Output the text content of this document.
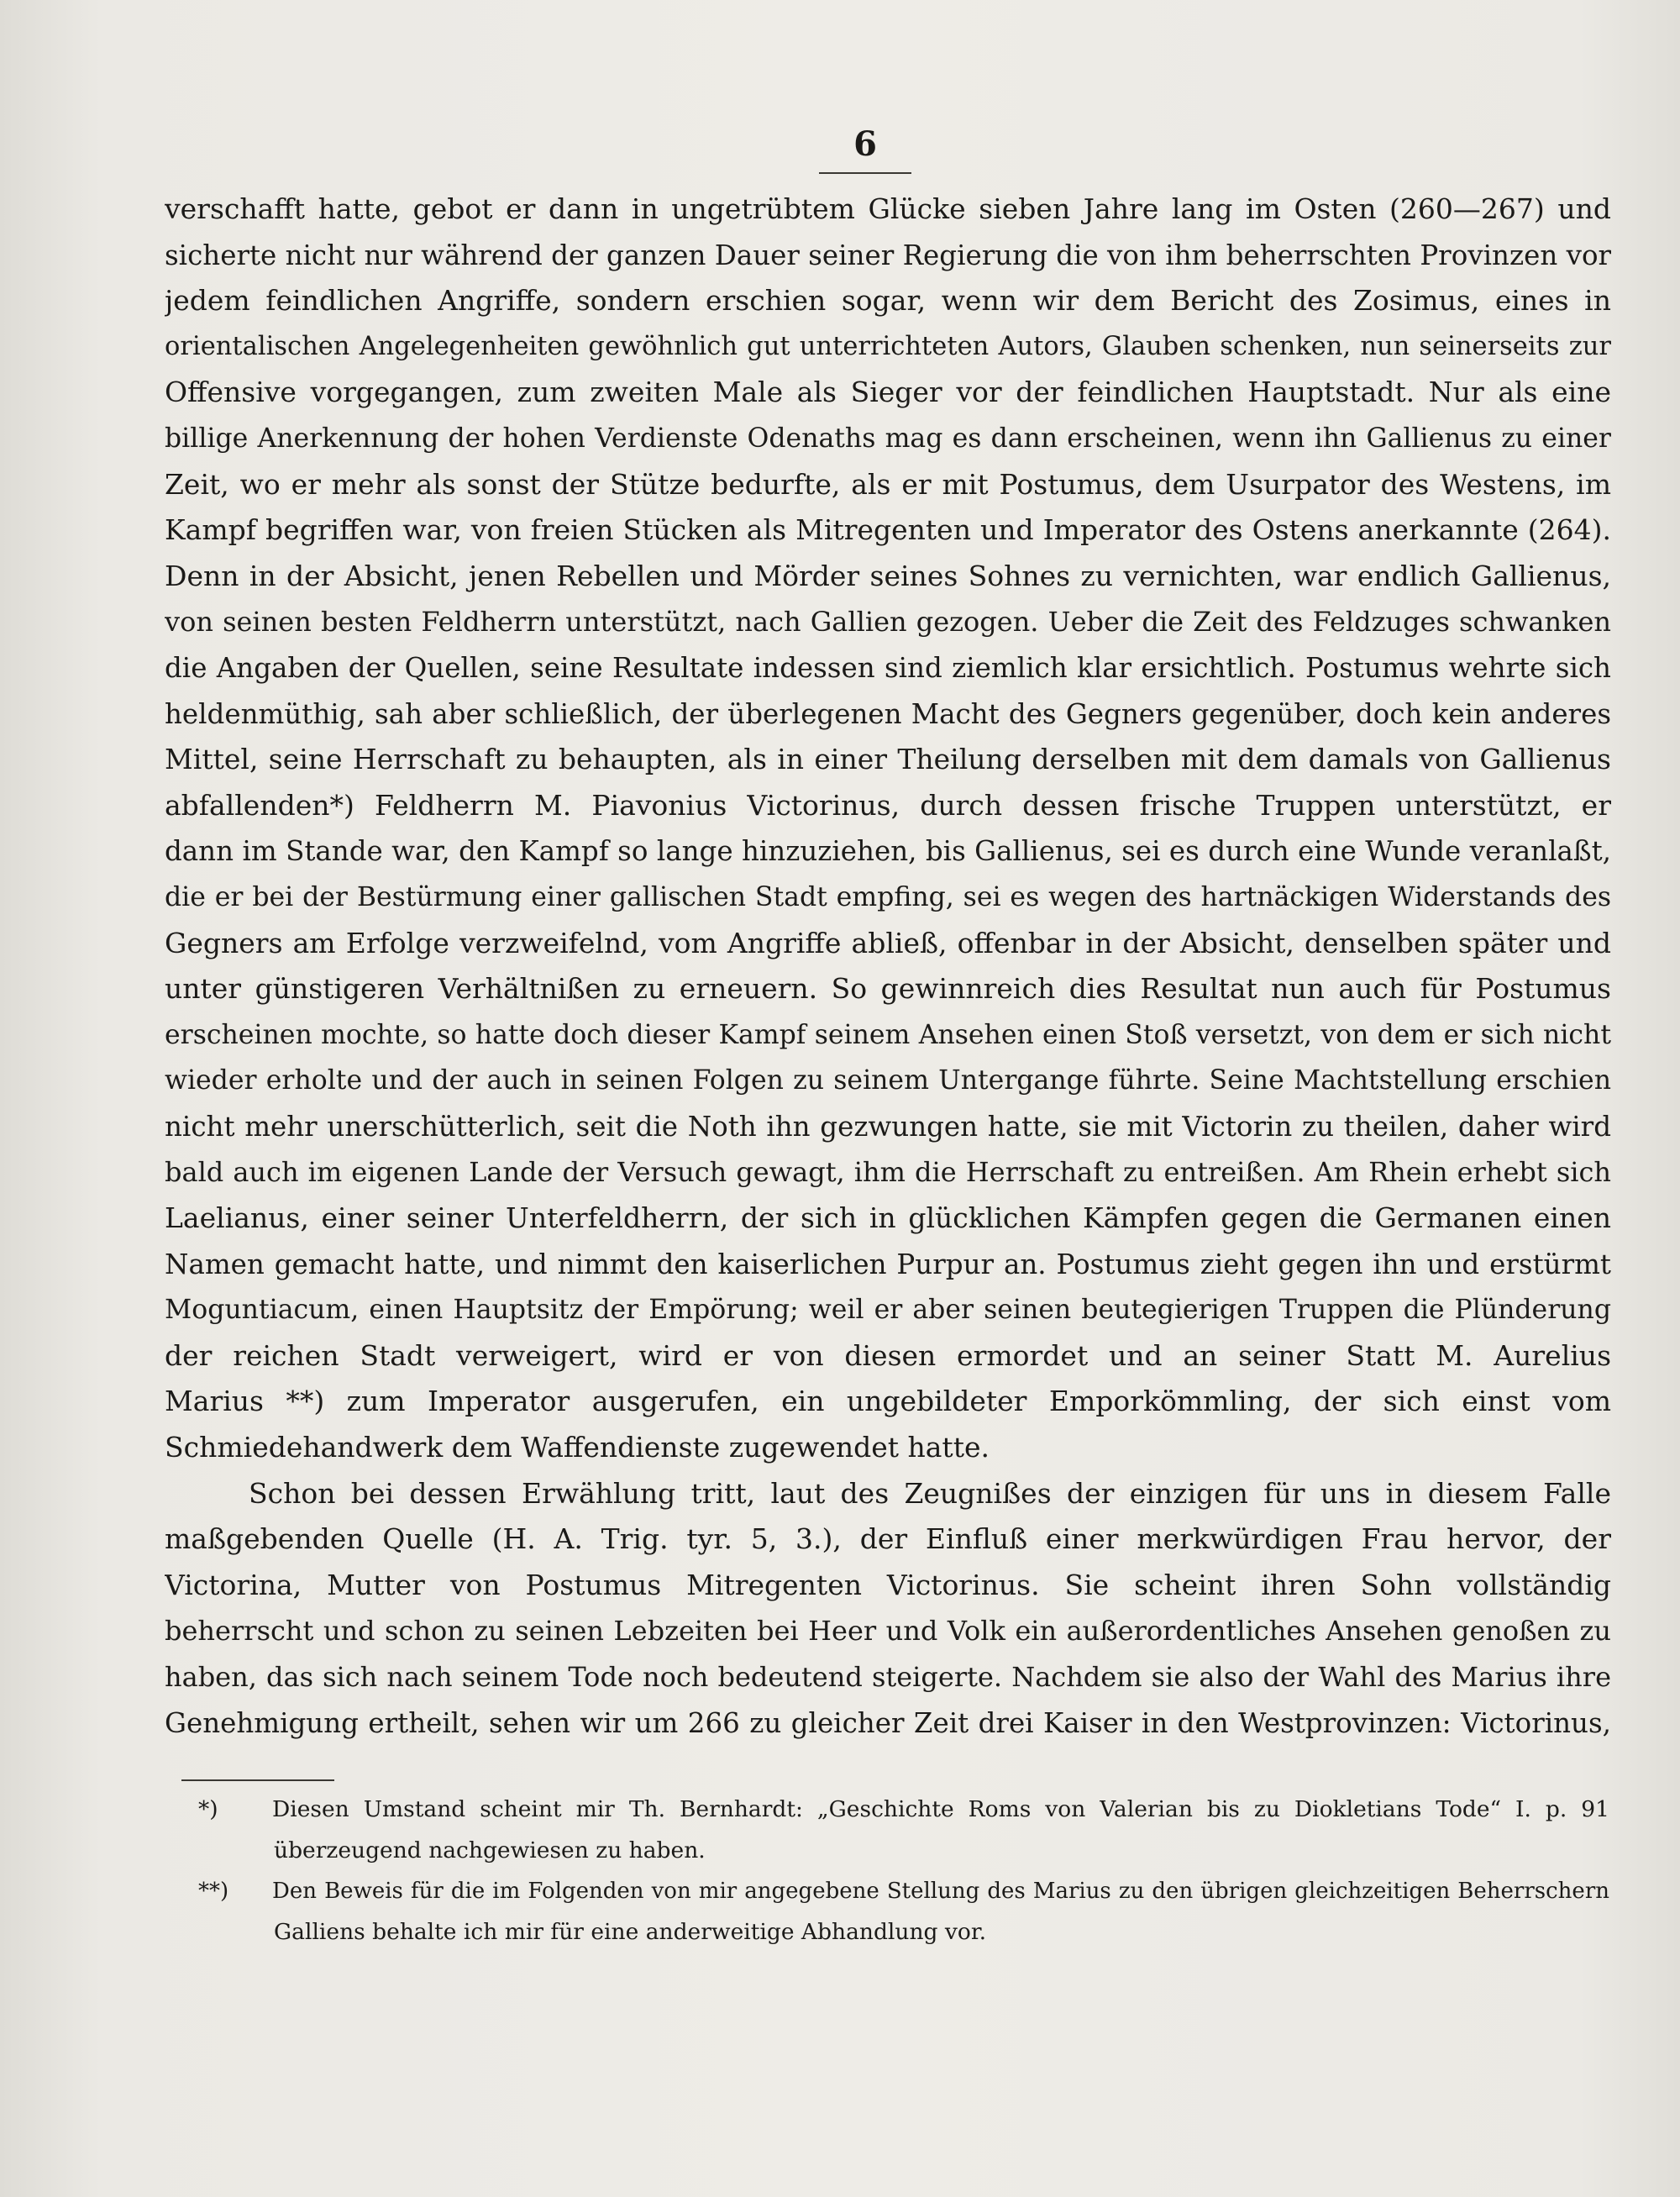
6
verschafft hatte, gebot er dann in ungetrübtem Glücke sieben Jahre lang im Osten (260—267) und
sicherte nicht nur während der ganzen Dauer seiner Regierung die von ihm beherrschten Provinzen vor
jedem feindlichen Angriffe, sondern erschien sogar, wenn wir dem Bericht des Zosimus, eines in
orientalischen Angelegenheiten gewöhnlich gut unterrichteten Autors, Glauben schenken, nun seinerseits zur
Offensive vorgegangen, zum zweiten Male als Sieger vor der feindlichen Hauptstadt. Nur als eine
billige Anerkennung der hohen Verdienste Odenaths mag es dann erscheinen, wenn ihn Gallienus zu einer
Zeit, wo er mehr als sonst der Stütze bedurfte, als er mit Postumus, dem Usurpator des Westens, im
Kampf begriffen war, von freien Stücken als Mitregenten und Imperator des Ostens anerkannte (264).
Denn in der Absicht, jenen Rebellen und Mörder seines Sohnes zu vernichten, war endlich Gallienus,
von seinen besten Feldherrn unterstützt, nach Gallien gezogen. Ueber die Zeit des Feldzuges schwanken
die Angaben der Quellen, seine Resultate indessen sind ziemlich klar ersichtlich. Postumus wehrte sich
heldenmüthig, sah aber schließlich, der überlegenen Macht des Gegners gegenüber, doch kein anderes
Mittel, seine Herrschaft zu behaupten, als in einer Theilung derselben mit dem damals von Gallienus
abfallenden*) Feldherrn M. Piavonius Victorinus, durch dessen frische Truppen unterstützt, er
dann im Stande war, den Kampf so lange hinzuziehen, bis Gallienus, sei es durch eine Wunde veranlaßt,
die er bei der Bestürmung einer gallischen Stadt empfing, sei es wegen des hartnäckigen Widerstands des
Gegners am Erfolge verzweifelnd, vom Angriffe abließ, offenbar in der Absicht, denselben später und
unter günstigeren Verhältnißen zu erneuern. So gewinnreich dies Resultat nun auch für Postumus
erscheinen mochte, so hatte doch dieser Kampf seinem Ansehen einen Stoß versetzt, von dem er sich nicht
wieder erholte und der auch in seinen Folgen zu seinem Untergange führte. Seine Machtstellung erschien
nicht mehr unerschütterlich, seit die Noth ihn gezwungen hatte, sie mit Victorin zu theilen, daher wird
bald auch im eigenen Lande der Versuch gewagt, ihm die Herrschaft zu entreißen. Am Rhein erhebt sich
Laelianus, einer seiner Unterfeldherrn, der sich in glücklichen Kämpfen gegen die Germanen einen
Namen gemacht hatte, und nimmt den kaiserlichen Purpur an. Postumus zieht gegen ihn und erstürmt
Moguntiacum, einen Hauptsitz der Empörung; weil er aber seinen beutegierigen Truppen die Plünderung
der reichen Stadt verweigert, wird er von diesen ermordet und an seiner Statt M. Aurelius
Marius **) zum Imperator ausgerufen, ein ungebildeter Emporkömmling, der sich einst vom
Schmiedehandwerk dem Waffendienste zugewendet hatte.
Schon bei dessen Erwählung tritt, laut des Zeugnißes der einzigen für uns in diesem Falle
maßgebenden Quelle (H. A. Trig. tyr. 5, 3.), der Einfluß einer merkwürdigen Frau hervor, der
Victorina, Mutter von Postumus Mitregenten Victorinus. Sie scheint ihren Sohn vollständig
beherrscht und schon zu seinen Lebzeiten bei Heer und Volk ein außerordentliches Ansehen genoßen zu
haben, das sich nach seinem Tode noch bedeutend steigerte. Nachdem sie also der Wahl des Marius ihre
Genehmigung ertheilt, sehen wir um 266 zu gleicher Zeit drei Kaiser in den Westprovinzen: Victorinus,
*) Diesen Umstand scheint mir Th. Bernhardt: „Geschichte Roms von Valerian bis zu Diokletians Tode“ I. p. 91
überzeugend nachgewiesen zu haben.
**) Den Beweis für die im Folgenden von mir angegebene Stellung des Marius zu den übrigen gleichzeitigen Beherrschern
Galliens behalte ich mir für eine anderweitige Abhandlung vor.
